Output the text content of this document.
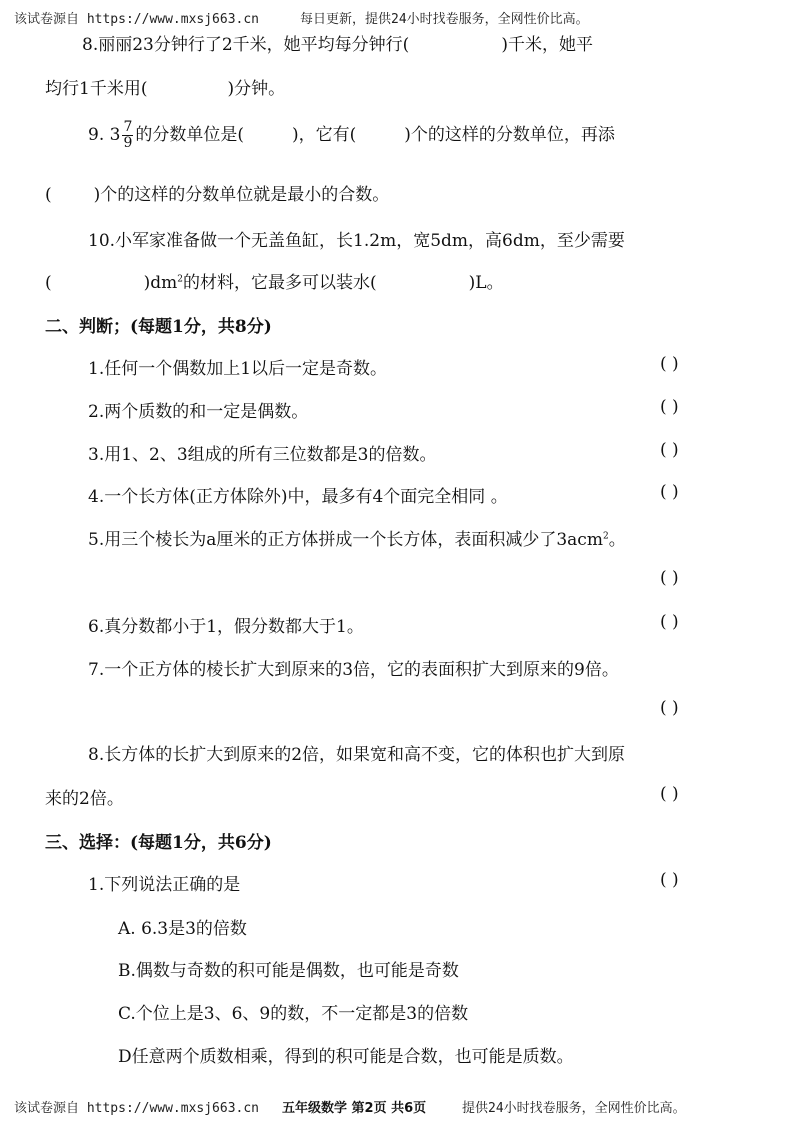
该试卷源自 https://www.mxsj663.cn	每日更新，提供24小时找卷服务，全网性价比高。
8.丽丽23分钟行了2千米，她平均每分钟行(	)千米，她平
均行1千米用(	)分钟。
9. $3 \frac{7}{9}$ 的分数单位是(	)，它有(	)个的这样的分数单位，再添
( )个的这样的分数单位就是最小的合数。
10.小军家准备做一个无盖鱼缸，长1.2m，宽5dm，高6dm，至少需要
(	)$dm^2$的材料，它最多可以装水(	)L。
二、判断；(每题1分，共8分)
1.任何一个偶数加上1以后一定是奇数。	( )
2.两个质数的和一定是偶数。	( )
3.用1、2、3组成的所有三位数都是3的倍数。	( )
4.一个长方体(正方体除外)中，最多有4个面完全相同 。	( )
5.用三个棱长为a厘米的正方体拼成一个长方体，表面积减少了3acm$^2$。
( )
6.真分数都小于1，假分数都大于1。	( )
7.一个正方体的棱长扩大到原来的3倍，它的表面积扩大到原来的9倍。
( )
8.长方体的长扩大到原来的2倍，如果宽和高不变，它的体积也扩大到原
来的2倍。	( )
三、选择：(每题1分，共6分)
1.下列说法正确的是	( )
A. 6.3是3的倍数
B.偶数与奇数的积可能是偶数，也可能是奇数
C.个位上是3、6、9的数，不一定都是3的倍数
D任意两个质数相乘，得到的积可能是合数，也可能是质数。
该试卷源自 https://www.mxsj663.cn 五年级数学 第2页 共6页	提供24小时找卷服务，全网性价比高。
